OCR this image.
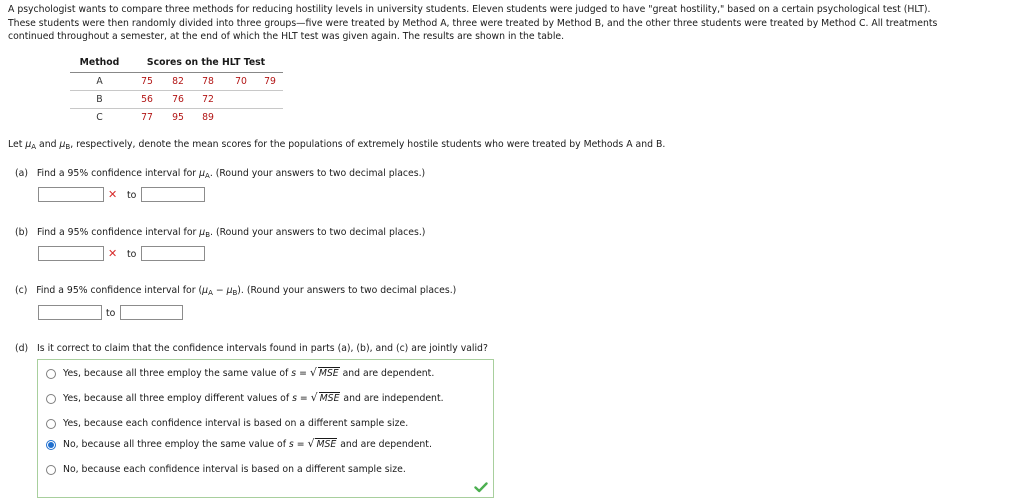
A psychologist wants to compare three methods for reducing hostility levels in university students. Eleven students were judged to have "great hostility," based on a certain psychological test (HLT).
These students were then randomly divided into three groups—five were treated by Method A, three were treated by Method B, and the other three students were treated by Method C. All treatments
continued throughout a semester, at the end of which the HLT test was given again. The results are shown in the table.
Method	Scores on the HLT Test				
A	75	82	78	70	79
B	56	76	72		
C	77	95	89		
Let $\mu_A$ and $\mu_B$, respectively, denote the mean scores for the populations of extremely hostile students who were treated by Methods A and B.
(a) Find a 95% confidence interval for $\mu_A$. (Round your answers to two decimal places.)
✕ to
(b) Find a 95% confidence interval for $\mu_B$. (Round your answers to two decimal places.)
✕ to
(c) Find a 95% confidence interval for $(\mu_A - \mu_B)$. (Round your answers to two decimal places.)
to
(d) Is it correct to claim that the confidence intervals found in parts (a), (b), and (c) are jointly valid?
Yes, because all three employ the same value of s = √ MSE and are dependent.
Yes, because all three employ different values of s = √ MSE and are independent.
Yes, because each confidence interval is based on a different sample size.
No, because all three employ the same value of s = √ MSE and are dependent.
No, because each confidence interval is based on a different sample size.
